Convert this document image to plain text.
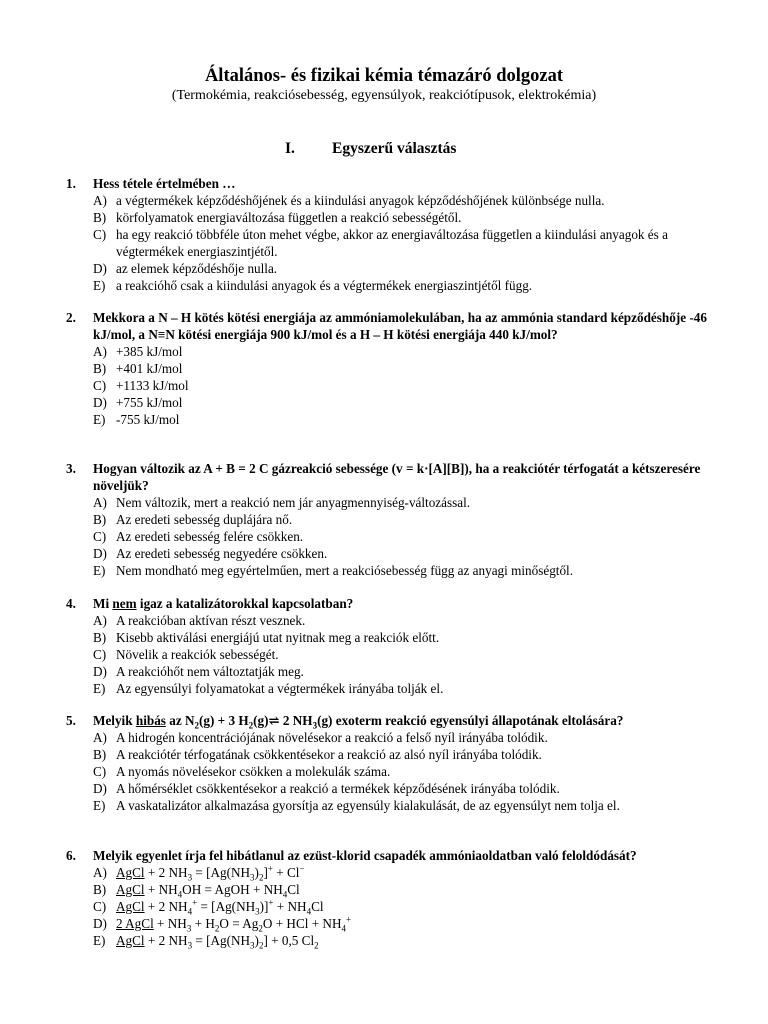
Általános- és fizikai kémia témazáró dolgozat
(Termokémia, reakciósebesség, egyensúlyok, reakciótípusok, elektrokémia)
I. Egyszerű választás
1. Hess tétele értelmében …
A) a végtermékek képződéshőjének és a kiindulási anyagok képződéshőjének különbsége nulla.
B) körfolyamatok energiaváltozása független a reakció sebességétől.
C) ha egy reakció többféle úton mehet végbe, akkor az energiaváltozása független a kiindulási anyagok és a végtermékek energiaszintjétől.
D) az elemek képződéshője nulla.
E) a reakcióhő csak a kiindulási anyagok és a végtermékek energiaszintjétől függ.
2. Mekkora a N – H kötés kötési energiája az ammóniamolekulában, ha az ammónia standard képződéshője -46 kJ/mol, a N≡N kötési energiája 900 kJ/mol és a H – H kötési energiája 440 kJ/mol?
A) +385 kJ/mol
B) +401 kJ/mol
C) +1133 kJ/mol
D) +755 kJ/mol
E) -755 kJ/mol
3. Hogyan változik az A + B = 2 C gázreakció sebessége (v = k·[A][B]), ha a reakciótér térfogatát a kétszeresére növeljük?
A) Nem változik, mert a reakció nem jár anyagmennyiség-változással.
B) Az eredeti sebesség duplájára nő.
C) Az eredeti sebesség felére csökken.
D) Az eredeti sebesség negyedére csökken.
E) Nem mondható meg egyértelműen, mert a reakciósebesség függ az anyagi minőségtől.
4. Mi nem igaz a katalizátorokkal kapcsolatban?
A) A reakcióban aktívan részt vesznek.
B) Kisebb aktiválási energiájú utat nyitnak meg a reakciók előtt.
C) Növelik a reakciók sebességét.
D) A reakcióhőt nem változtatják meg.
E) Az egyensúlyi folyamatokat a végtermékek irányába tolják el.
5. Melyik hibás az $N_2(g) + 3$ $H_2(g)\rightleftharpoons$ 2 $NH_3(g)$ exoterm reakció egyensúlyi állapotának eltolására?
A) A hidrogén koncentrációjának növelésekor a reakció a felső nyíl irányába tolódik.
B) A reakciótér térfogatának csökkentésekor a reakció az alsó nyíl irányába tolódik.
C) A nyomás növelésekor csökken a molekulák száma.
D) A hőmérséklet csökkentésekor a reakció a termékek képződésének irányába tolódik.
E) A vaskatalizátor alkalmazása gyorsítja az egyensúly kialakulását, de az egyensúlyt nem tolja el.
6. Melyik egyenlet írja fel hibátlanul az ezüst-klorid csapadék ammóniaoldatban való feloldódását?
A) AgCl + 2 $NH_3 = [Ag(NH_3)_2]^+ + Cl^-$
B) AgCl + $NH_4OH$ = AgOH + $NH_4Cl$
C) AgCl + 2 $NH_4^+ = [Ag(NH_3)]^+ + NH_4Cl$
D) 2 AgCl + $NH_3 + H_2O = Ag_2O$ + HCl + $NH_4^+$
E) AgCl + 2 $NH_3 = [Ag(NH_3)_2] + 0,5$ $Cl_2$
